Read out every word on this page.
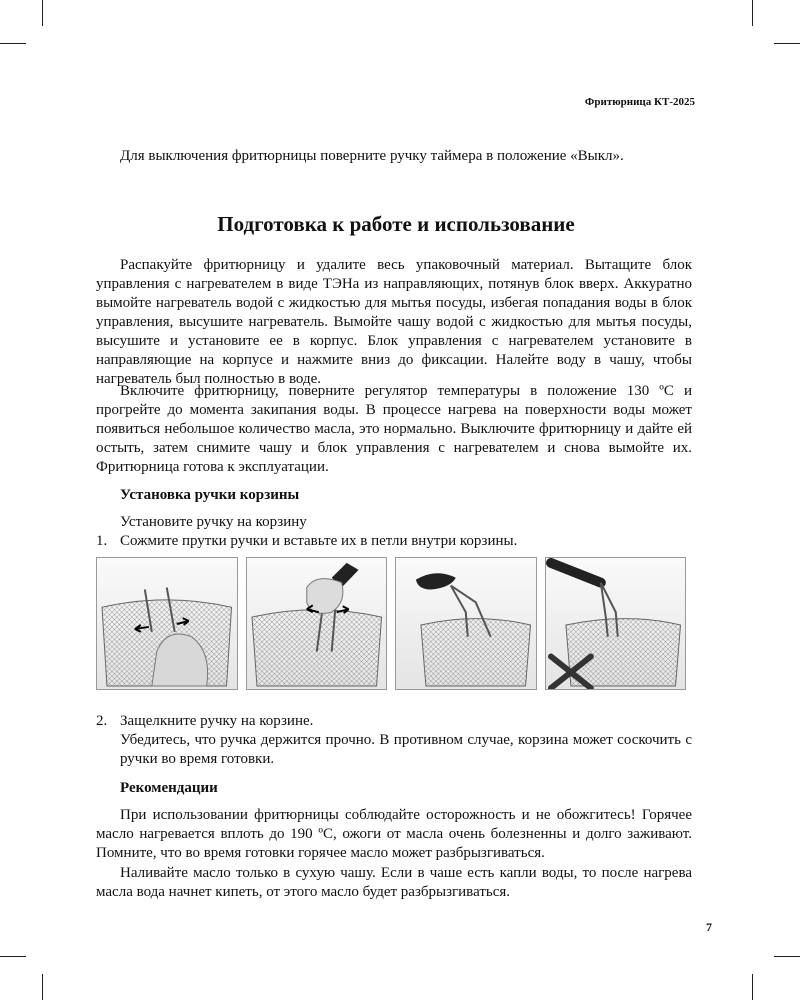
Фритюрница КТ-2025
Для выключения фритюрницы поверните ручку таймера в положение «Выкл».
Подготовка к работе и использование
Распакуйте фритюрницу и удалите весь упаковочный материал. Вытащите блок управления с нагревателем в виде ТЭНа из направляющих, потянув блок вверх. Аккуратно вымойте нагреватель водой с жидкостью для мытья посуды, избегая попадания воды в блок управления, высушите нагреватель. Вымойте чашу водой с жидкостью для мытья посуды, высушите и установите ее в корпус. Блок управления с нагревателем установите в направляющие на корпусе и нажмите вниз до фиксации. Налейте воду в чашу, чтобы нагреватель был полностью в воде.
Включите фритюрницу, поверните регулятор температуры в положение 130 ºС и прогрейте до момента закипания воды. В процессе нагрева на поверхности воды может появиться небольшое количество масла, это нормально. Выключите фритюрницу и дайте ей остыть, затем снимите чашу и блок управления с нагревателем и снова вымойте их. Фритюрница готова к эксплуатации.
Установка ручки корзины
Установите ручку на корзину
1. Сожмите прутки ручки и вставьте их в петли внутри корзины.
2. Защелкните ручку на корзине.
Убедитесь, что ручка держится прочно. В противном случае, корзина может соскочить с ручки во время готовки.
Рекомендации
При использовании фритюрницы соблюдайте осторожность и не обожгитесь! Горячее масло нагревается вплоть до 190 ºС, ожоги от масла очень болезненны и долго заживают. Помните, что во время готовки горячее масло может разбрызгиваться.
Наливайте масло только в сухую чашу. Если в чаше есть капли воды, то после нагрева масла вода начнет кипеть, от этого масло будет разбрызгиваться.
7
